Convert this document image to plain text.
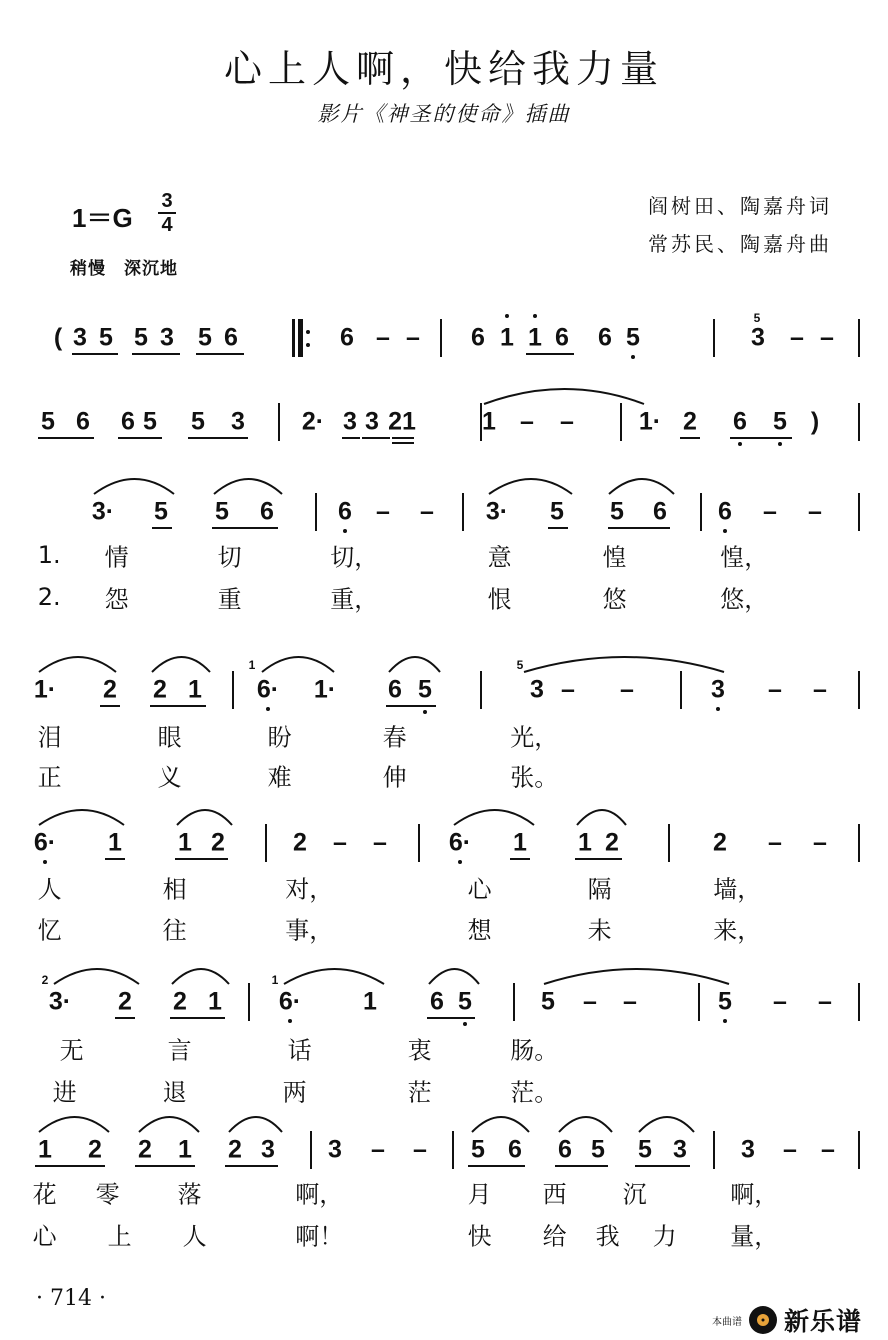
心上人啊，快给我力量
影片《神圣的使命》插曲
1＝G
3
4
稍慢　深沉地
阎树田、陶嘉舟词
常苏民、陶嘉舟曲
( 3 5 5 3 5 6	6 – – 6 1 1 6 6 5	3 – –
5
5 6 6 5 5 3 2· 3 3 21	1 – –	1· 2 6 5 )
3· 5 5 6	6 – – 3· 5 5 6 6 – –
1. 情	切	切，	意	惶	惶，
2. 怨	重	重，	恨	悠	悠，
1· 2 2 1 6· 1· 6 5	3 – –	3 – –
1	5
泪	眼	盼	春	光，
正	义	难	伸	张。
6· 1 1 2	2 – – 6· 1 1 2	2 – –
人	相	对，	心	隔	墙，
忆	往	事，	想	未	来，
3· 2 2 1 6· 1 6 5	5 – –	5 – –
2	1
无	言	话	衷	肠。
进	退	两	茫	茫。
1 2 2 1 2 3 3 – – 5 6 6 5 5 3 3 – –
花 零 落	啊，	月 西 沉	啊，
心 上 人	啊！	快 给 我 力 量，
· 714 ·
本曲谱 新乐谱
